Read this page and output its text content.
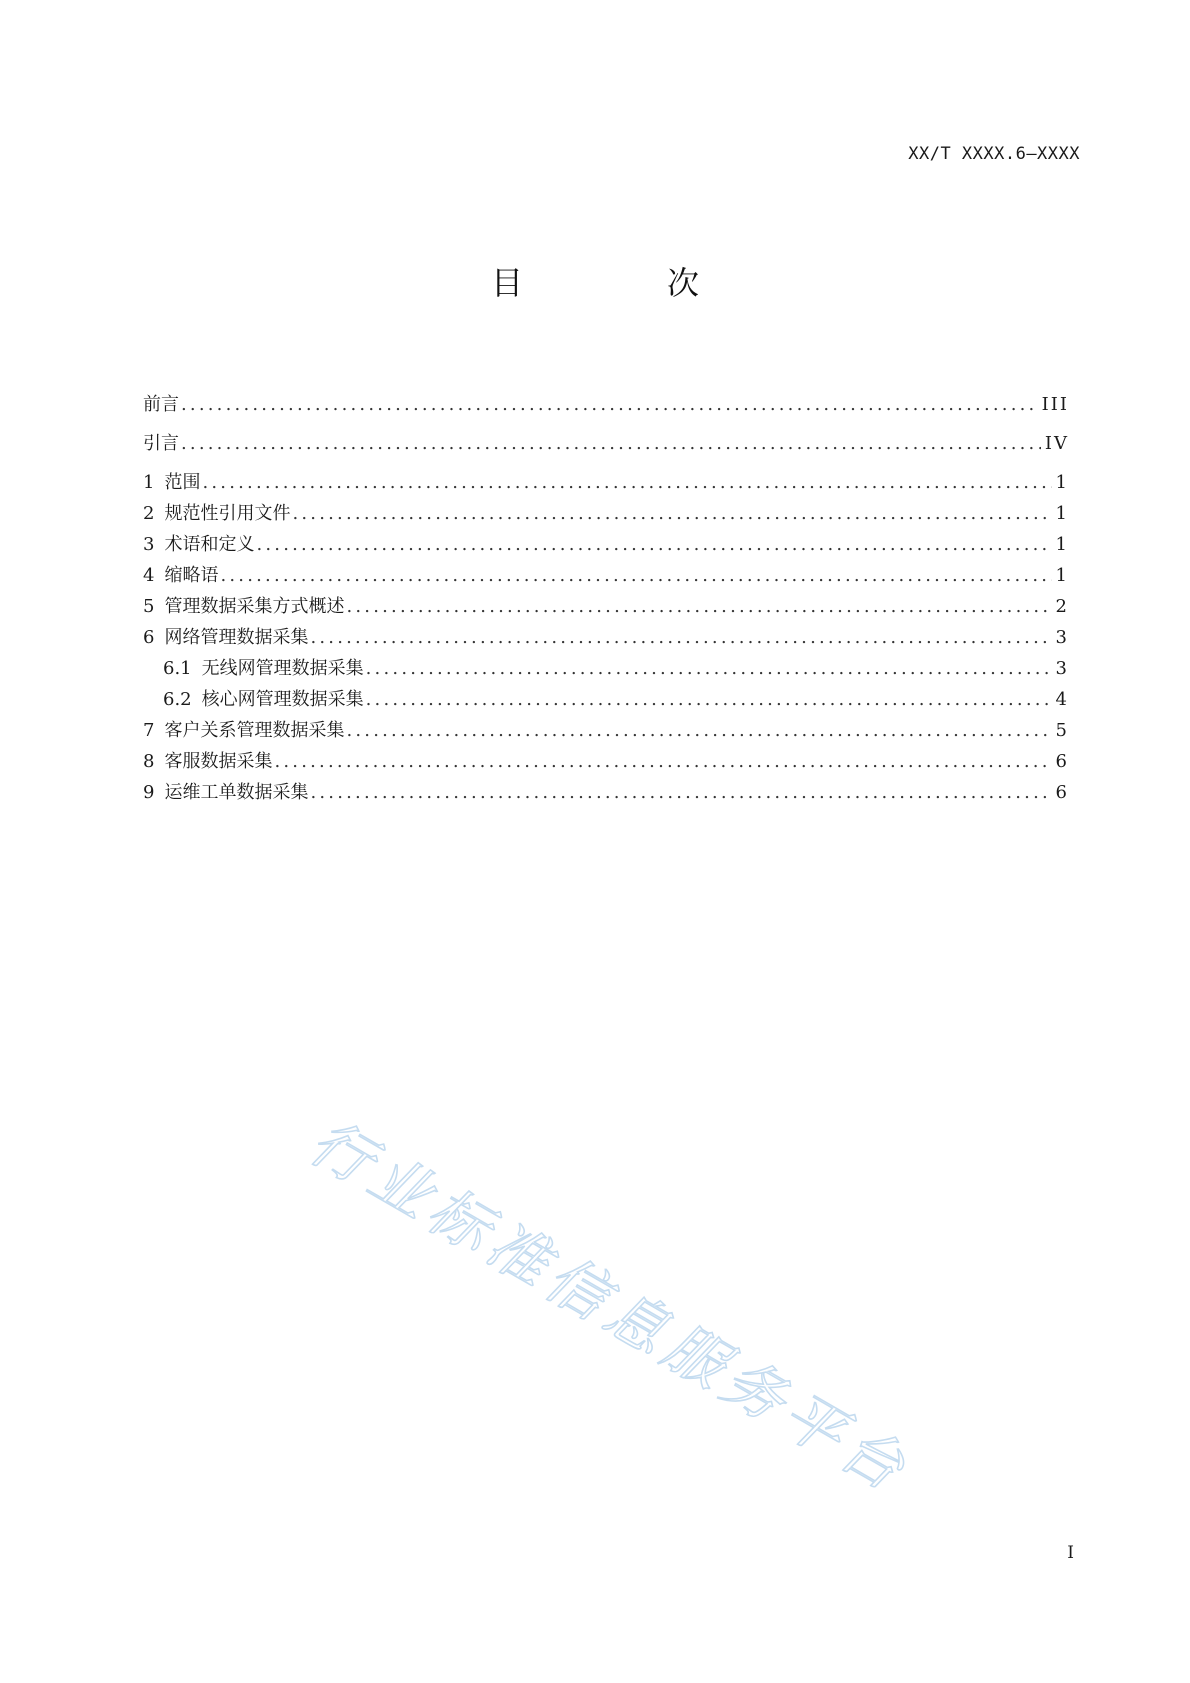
XX/T XXXX.6—XXXX
目　次
前言 .....	III
引言 .....	IV
1 范围 .....	1
2 规范性引用文件 .....	1
3 术语和定义 .....	1
4 缩略语 .....	1
5 管理数据采集方式概述 .....	2
6 网络管理数据采集 .....	3
6.1 无线网管理数据采集 .....	3
6.2 核心网管理数据采集 .....	4
7 客户关系管理数据采集 .....	5
8 客服数据采集 .....	6
9 运维工单数据采集 .....	6
行业标准信息服务平台
I
